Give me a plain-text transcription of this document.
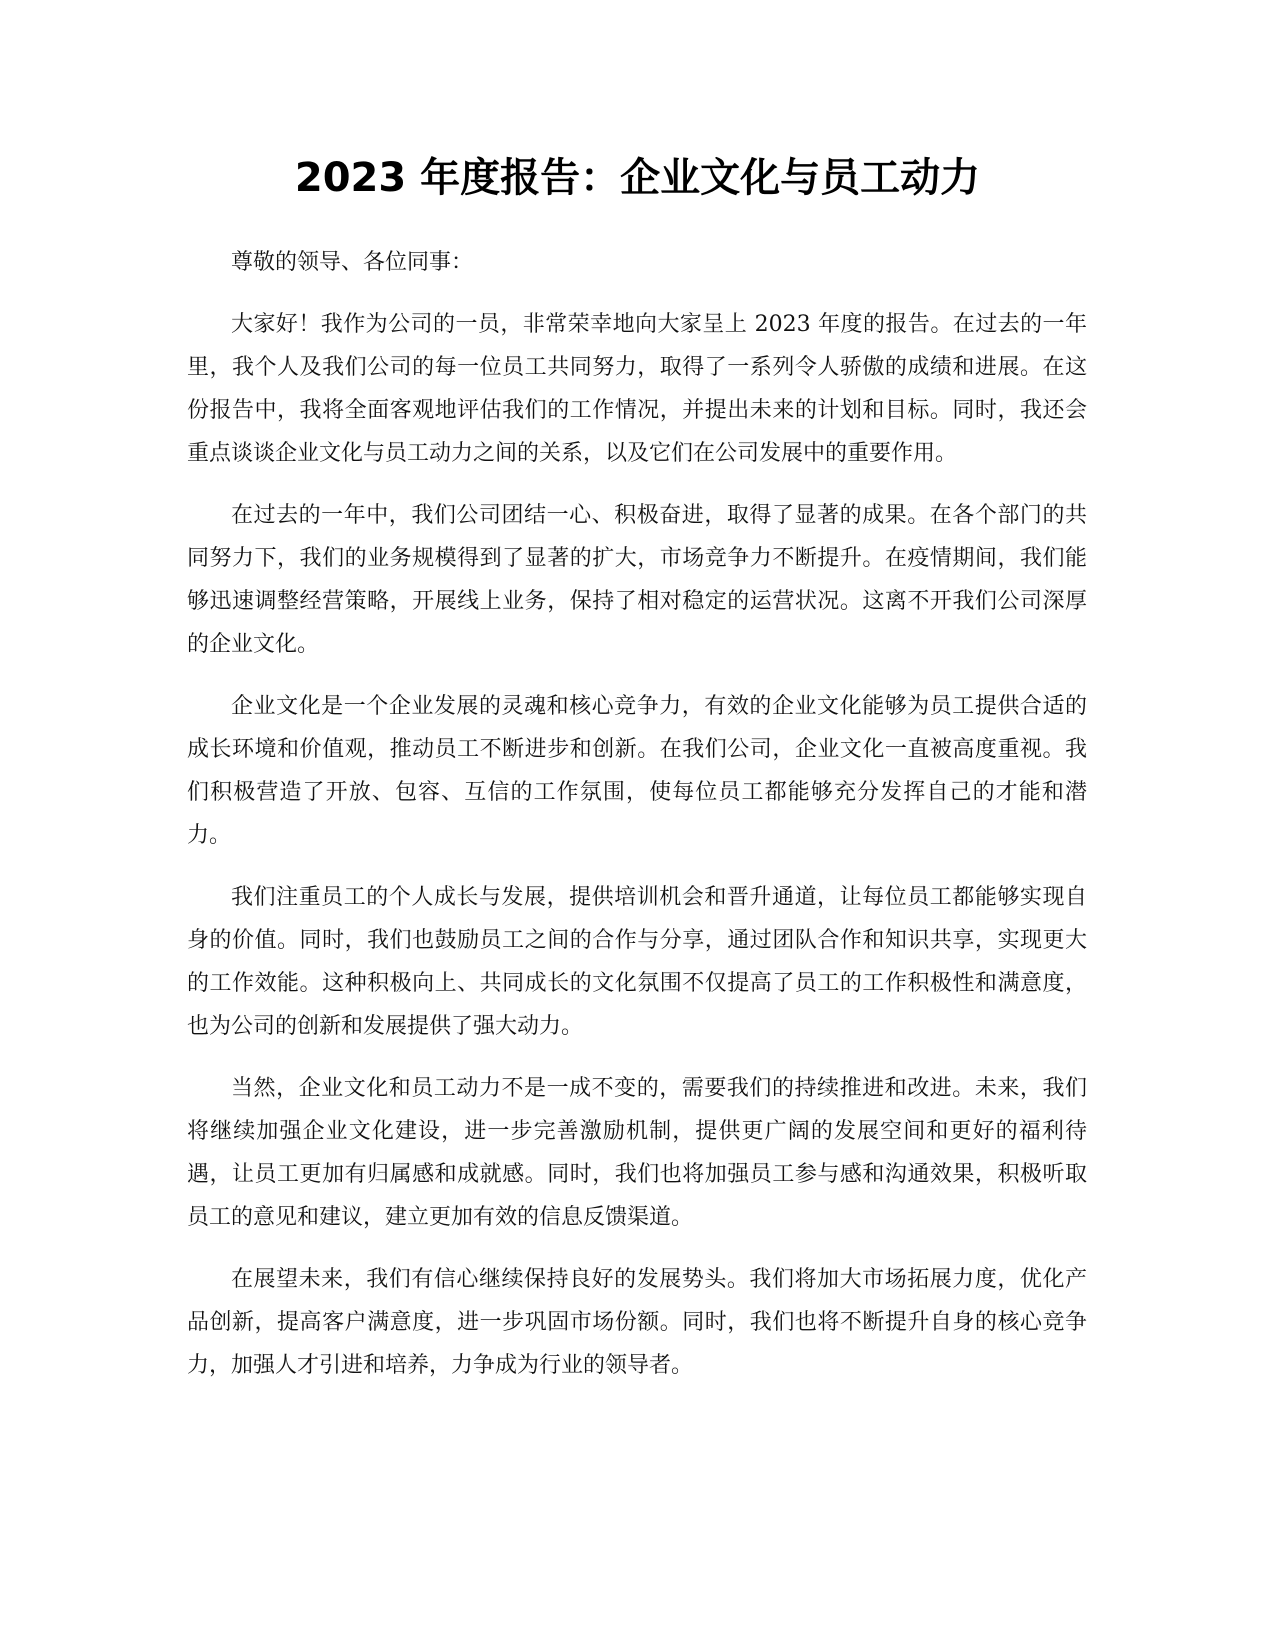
2023 年度报告：企业文化与员工动力

尊敬的领导、各位同事：

大家好！我作为公司的一员，非常荣幸地向大家呈上 2023 年度的报告。在过去的一年里，我个人及我们公司的每一位员工共同努力，取得了一系列令人骄傲的成绩和进展。在这份报告中，我将全面客观地评估我们的工作情况，并提出未来的计划和目标。同时，我还会重点谈谈企业文化与员工动力之间的关系，以及它们在公司发展中的重要作用。

在过去的一年中，我们公司团结一心、积极奋进，取得了显著的成果。在各个部门的共同努力下，我们的业务规模得到了显著的扩大，市场竞争力不断提升。在疫情期间，我们能够迅速调整经营策略，开展线上业务，保持了相对稳定的运营状况。这离不开我们公司深厚的企业文化。

企业文化是一个企业发展的灵魂和核心竞争力，有效的企业文化能够为员工提供合适的成长环境和价值观，推动员工不断进步和创新。在我们公司，企业文化一直被高度重视。我们积极营造了开放、包容、互信的工作氛围，使每位员工都能够充分发挥自己的才能和潜力。

我们注重员工的个人成长与发展，提供培训机会和晋升通道，让每位员工都能够实现自身的价值。同时，我们也鼓励员工之间的合作与分享，通过团队合作和知识共享，实现更大的工作效能。这种积极向上、共同成长的文化氛围不仅提高了员工的工作积极性和满意度，也为公司的创新和发展提供了强大动力。

当然，企业文化和员工动力不是一成不变的，需要我们的持续推进和改进。未来，我们将继续加强企业文化建设，进一步完善激励机制，提供更广阔的发展空间和更好的福利待遇，让员工更加有归属感和成就感。同时，我们也将加强员工参与感和沟通效果，积极听取员工的意见和建议，建立更加有效的信息反馈渠道。

在展望未来，我们有信心继续保持良好的发展势头。我们将加大市场拓展力度，优化产品创新，提高客户满意度，进一步巩固市场份额。同时，我们也将不断提升自身的核心竞争力，加强人才引进和培养，力争成为行业的领导者。
